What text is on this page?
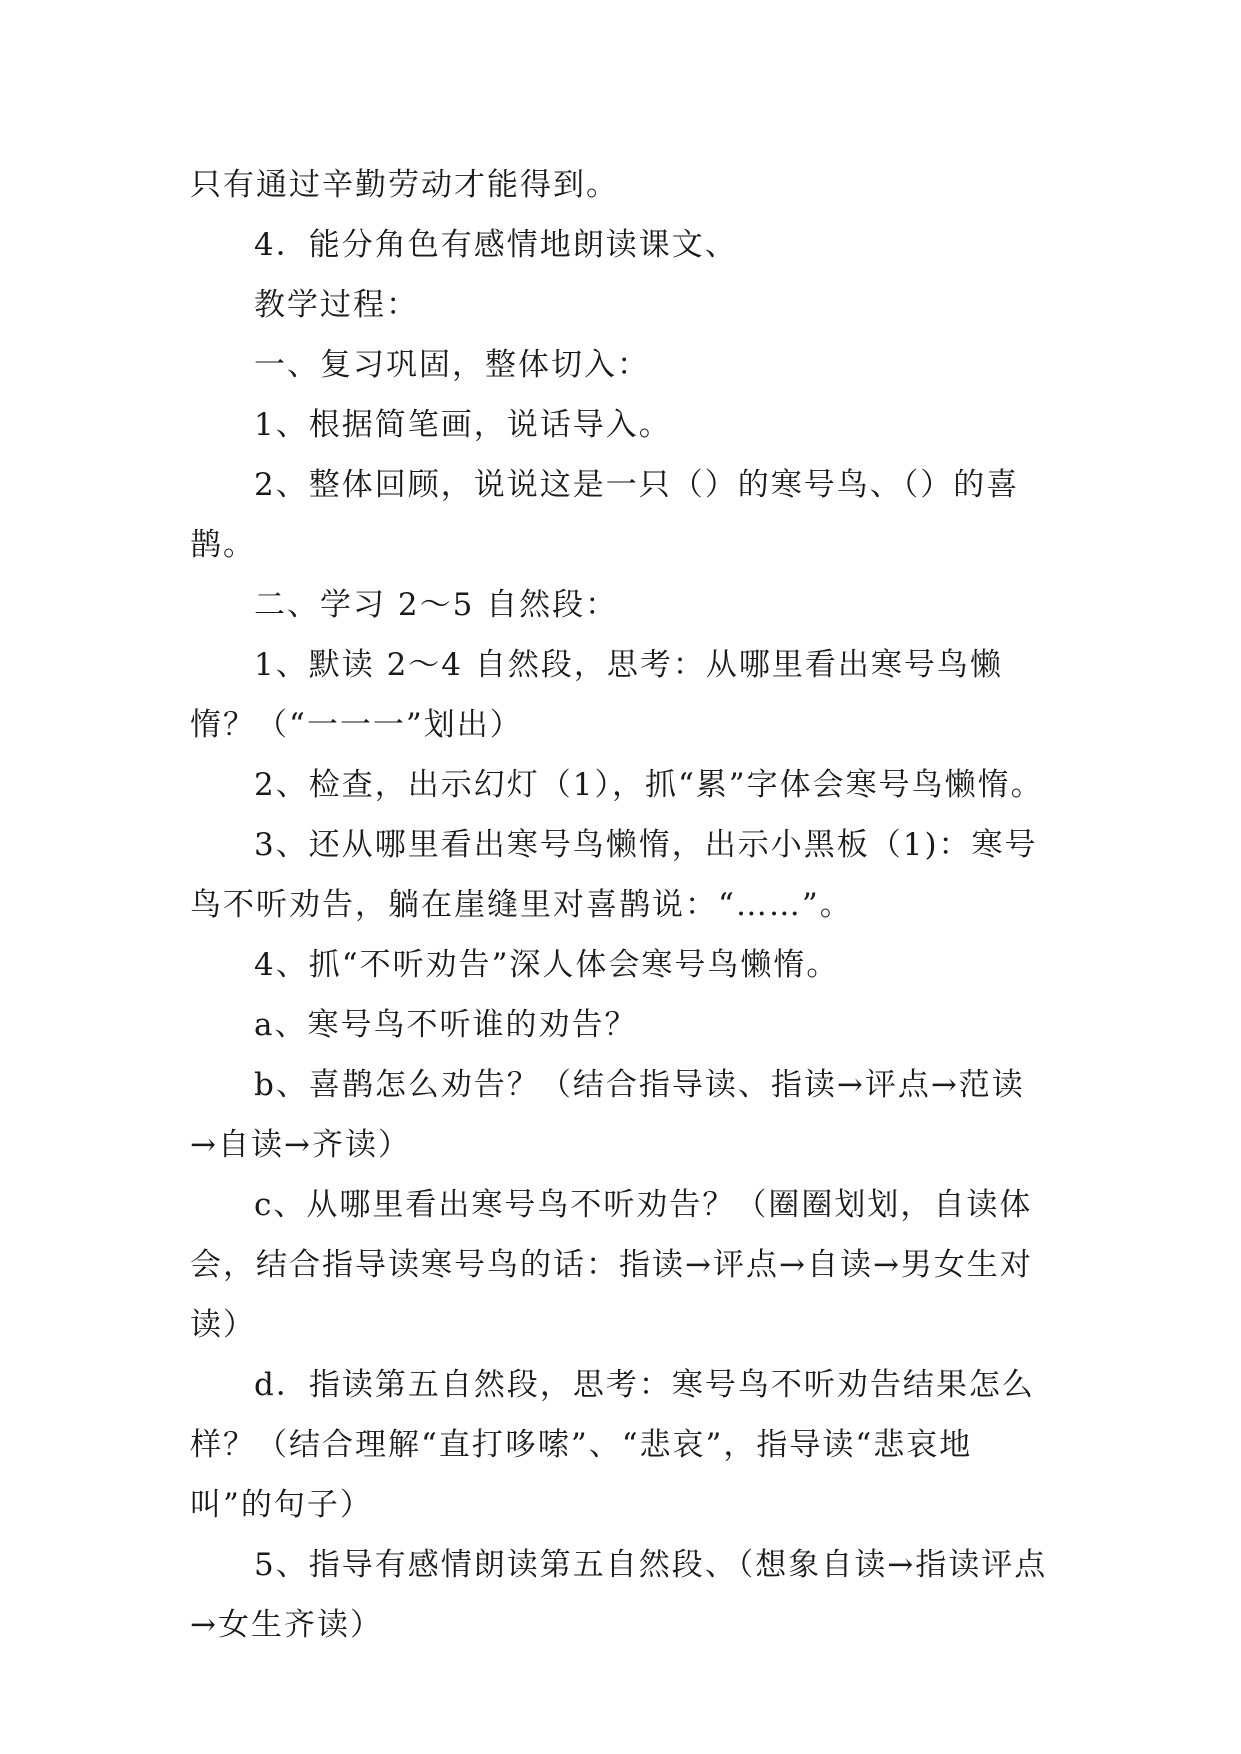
只有通过辛勤劳动才能得到。

4．能分角色有感情地朗读课文、

教学过程：

一、复习巩固，整体切入：

1、根据简笔画，说话导入。

2、整体回顾，说说这是一只（）的寒号鸟、（）的喜鹊。

二、学习 2～5 自然段：

1、默读 2～4 自然段，思考：从哪里看出寒号鸟懒惰？（“一一一”划出）

2、检查，出示幻灯（1），抓“累”字体会寒号鸟懒惰。

3、还从哪里看出寒号鸟懒惰，出示小黑板（1)：寒号鸟不听劝告，躺在崖缝里对喜鹊说：“……”。

4、抓“不听劝告”深人体会寒号鸟懒惰。

a、寒号鸟不听谁的劝告？

b、喜鹊怎么劝告？（结合指导读、指读→评点→范读→自读→齐读）

c、从哪里看出寒号鸟不听劝告？（圈圈划划，自读体会，结合指导读寒号鸟的话：指读→评点→自读→男女生对读）

d．指读第五自然段，思考：寒号鸟不听劝告结果怎么样？（结合理解“直打哆嗦”、“悲哀”，指导读“悲哀地叫”的句子）

5、指导有感情朗读第五自然段、（想象自读→指读评点→女生齐读）
